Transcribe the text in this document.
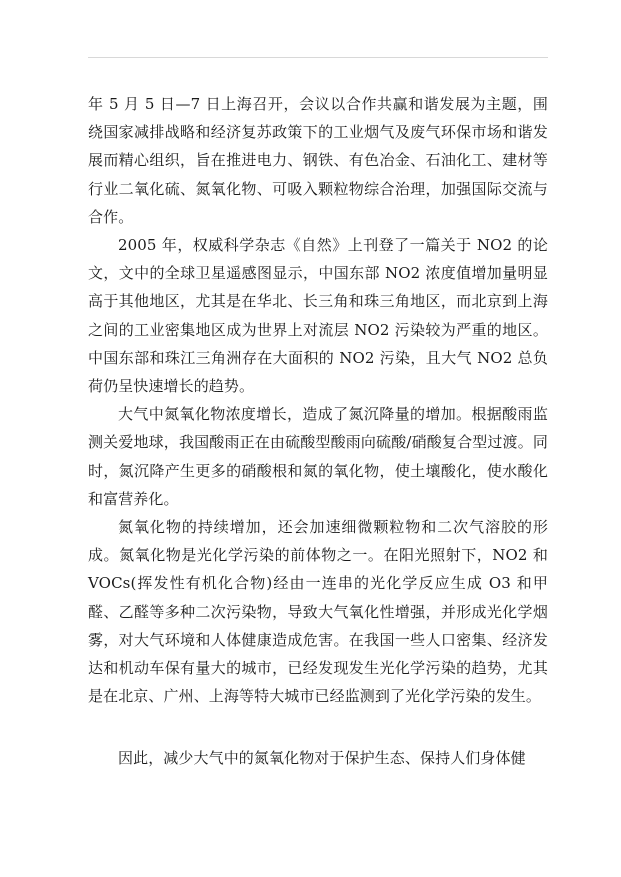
年 5 月 5 日—7 日上海召开，会议以合作共赢和谐发展为主题，围绕国家减排战略和经济复苏政策下的工业烟气及废气环保市场和谐发展而精心组织，旨在推进电力、钢铁、有色冶金、石油化工、建材等行业二氧化硫、氮氧化物、可吸入颗粒物综合治理，加强国际交流与合作。

2005 年，权威科学杂志《自然》上刊登了一篇关于 NO2 的论文，文中的全球卫星遥感图显示，中国东部 NO2 浓度值增加量明显高于其他地区，尤其是在华北、长三角和珠三角地区，而北京到上海之间的工业密集地区成为世界上对流层 NO2 污染较为严重的地区。中国东部和珠江三角洲存在大面积的 NO2 污染，且大气 NO2 总负荷仍呈快速增长的趋势。

大气中氮氧化物浓度增长，造成了氮沉降量的增加。根据酸雨监测关爱地球，我国酸雨正在由硫酸型酸雨向硫酸/硝酸复合型过渡。同时，氮沉降产生更多的硝酸根和氮的氧化物，使土壤酸化，使水酸化和富营养化。

氮氧化物的持续增加，还会加速细微颗粒物和二次气溶胶的形成。氮氧化物是光化学污染的前体物之一。在阳光照射下，NO2 和 VOCs(挥发性有机化合物)经由一连串的光化学反应生成 O3 和甲醛、乙醛等多种二次污染物，导致大气氧化性增强，并形成光化学烟雾，对大气环境和人体健康造成危害。在我国一些人口密集、经济发达和机动车保有量大的城市，已经发现发生光化学污染的趋势，尤其是在北京、广州、上海等特大城市已经监测到了光化学污染的发生。

因此，减少大气中的氮氧化物对于保护生态、保持人们身体健
